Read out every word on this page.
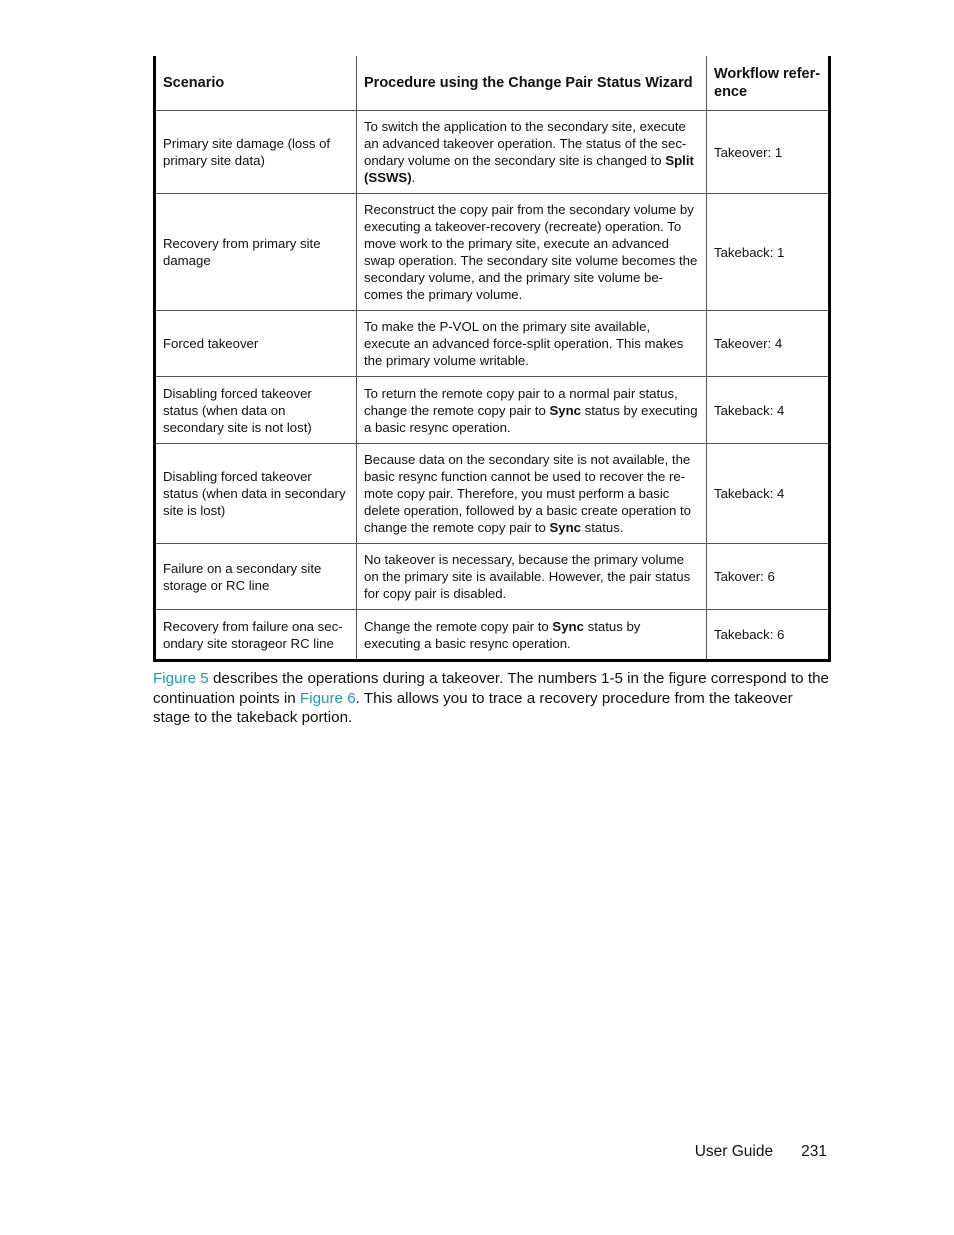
Scenario	Procedure using the Change Pair Status Wizard	Workflow refer-
ence
Primary site damage (loss of primary site data)	To switch the application to the secondary site, execute an advanced takeover operation. The status of the sec-ondary volume on the secondary site is changed to Split (SSWS).	Takeover: 1
Recovery from primary site damage	Reconstruct the copy pair from the secondary volume by executing a takeover-recovery (recreate) operation. To move work to the primary site, execute an advanced swap operation. The secondary site volume becomes the secondary volume, and the primary site volume be-comes the primary volume.	Takeback: 1
Forced takeover	To make the P-VOL on the primary site available, execute an advanced force-split operation. This makes the primary volume writable.	Takeover: 4
Disabling forced takeover status (when data on secondary site is not lost)	To return the remote copy pair to a normal pair status, change the remote copy pair to Sync status by executing a basic resync operation.	Takeback: 4
Disabling forced takeover status (when data in secondary site is lost)	Because data on the secondary site is not available, the basic resync function cannot be used to recover the re-mote copy pair. Therefore, you must perform a basic delete operation, followed by a basic create operation to change the remote copy pair to Sync status.	Takeback: 4
Failure on a secondary site storage or RC line	No takeover is necessary, because the primary volume on the primary site is available. However, the pair status for copy pair is disabled.	Takover: 6
Recovery from failure ona sec-ondary site storageor RC line	Change the remote copy pair to Sync status by executing a basic resync operation.	Takeback: 6

Figure 5 describes the operations during a takeover. The numbers 1-5 in the figure correspond to the continuation points in Figure 6. This allows you to trace a recovery procedure from the takeover stage to the takeback portion.

User Guide 231
